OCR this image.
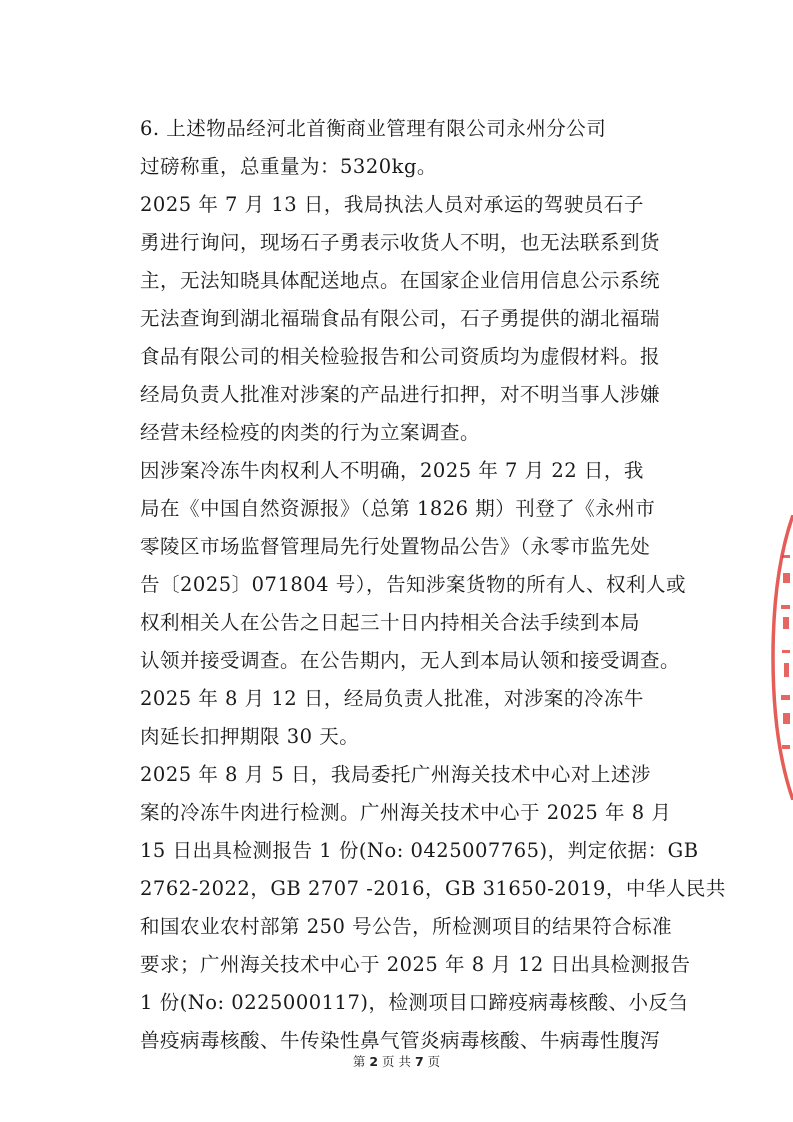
6. 上述物品经河北首衡商业管理有限公司永州分公司
过磅称重，总重量为：5320kg。
2025 年 7 月 13 日，我局执法人员对承运的驾驶员石子
勇进行询问，现场石子勇表示收货人不明，也无法联系到货
主，无法知晓具体配送地点。在国家企业信用信息公示系统
无法查询到湖北福瑞食品有限公司，石子勇提供的湖北福瑞
食品有限公司的相关检验报告和公司资质均为虚假材料。报
经局负责人批准对涉案的产品进行扣押，对不明当事人涉嫌
经营未经检疫的肉类的行为立案调查。
因涉案冷冻牛肉权利人不明确，2025 年 7 月 22 日，我
局在《中国自然资源报》（总第 1826 期）刊登了《永州市
零陵区市场监督管理局先行处置物品公告》（永零市监先处
告〔2025〕071804 号），告知涉案货物的所有人、权利人或
权利相关人在公告之日起三十日内持相关合法手续到本局
认领并接受调查。在公告期内，无人到本局认领和接受调查。
2025 年 8 月 12 日，经局负责人批准，对涉案的冷冻牛
肉延长扣押期限 30 天。
2025 年 8 月 5 日，我局委托广州海关技术中心对上述涉
案的冷冻牛肉进行检测。广州海关技术中心于 2025 年 8 月
15 日出具检测报告 1 份(No: 0425007765)，判定依据：GB
2762-2022，GB 2707 -2016，GB 31650-2019，中华人民共
和国农业农村部第 250 号公告，所检测项目的结果符合标准
要求；广州海关技术中心于 2025 年 8 月 12 日出具检测报告
1 份(No: 0225000117)，检测项目口蹄疫病毒核酸、小反刍
兽疫病毒核酸、牛传染性鼻气管炎病毒核酸、牛病毒性腹泻
第 2 页 共 7 页
